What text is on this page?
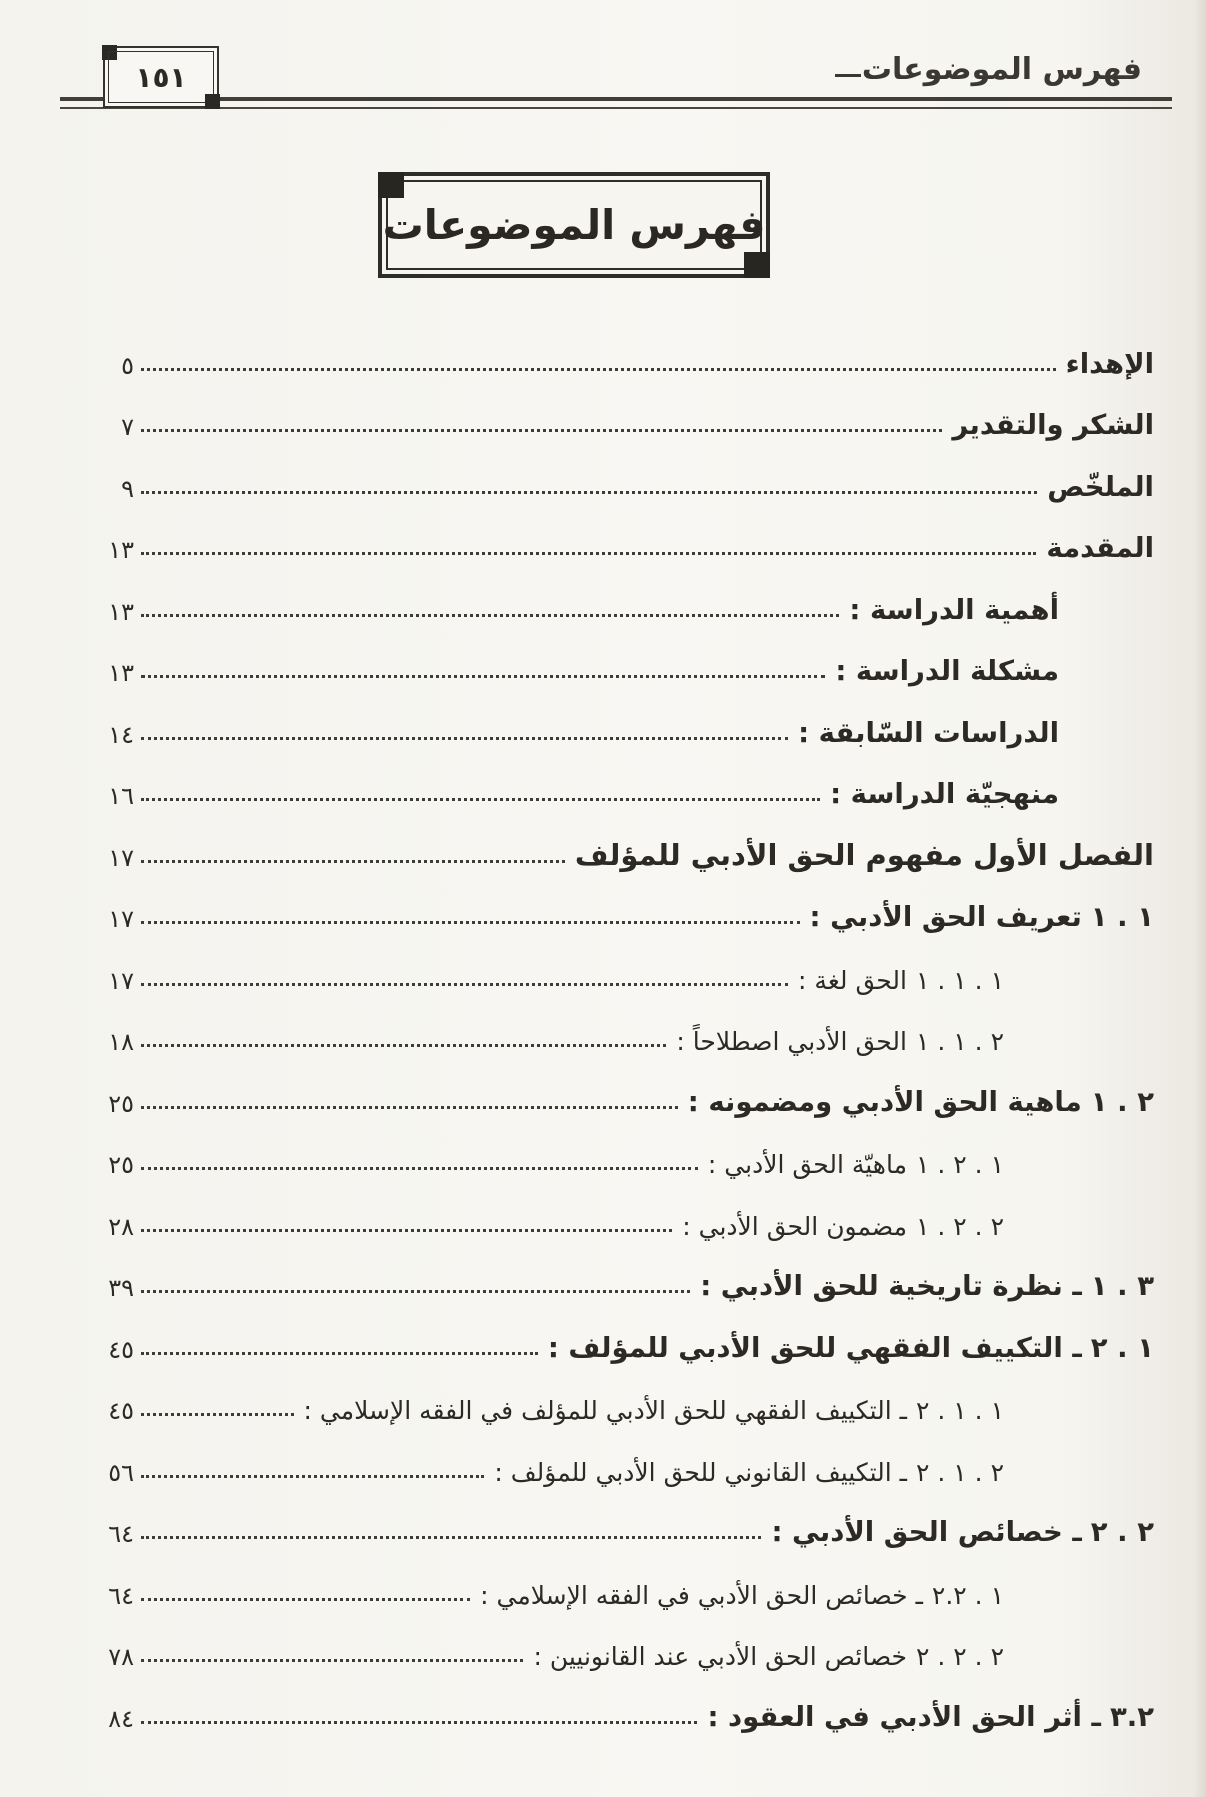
١٥١	فهرس الموضوعات
فهرس الموضوعات
الإهداء
٥
الشكر والتقدير
٧
الملخّص
٩
المقدمة
١٣
أهمية الدراسة :
١٣
مشكلة الدراسة :
١٣
الدراسات السّابقة :
١٤
منهجيّة الدراسة :
١٦
الفصل الأول مفهوم الحق الأدبي للمؤلف
١٧
١ . ١تعريف الحق الأدبي :
١٧
١ . ١ . ١الحق لغة :
١٧
٢ . ١ . ١الحق الأدبي اصطلاحاً :
١٨
٢ . ١ماهية الحق الأدبي ومضمونه :
٢٥
١ . ٢ . ١ماهيّة الحق الأدبي :
٢٥
٢ . ٢ . ١مضمون الحق الأدبي :
٢٨
٣ . ١ـ نظرة تاريخية للحق الأدبي :
٣٩
١ . ٢ـ التكييف الفقهي للحق الأدبي للمؤلف :
٤٥
١ . ١ . ٢ـ التكييف الفقهي للحق الأدبي للمؤلف في الفقه الإسلامي :
٤٥
٢ . ١ . ٢ـ التكييف القانوني للحق الأدبي للمؤلف :
٥٦
٢ . ٢ـ خصائص الحق الأدبي :
٦٤
١ . ٢.٢ـ خصائص الحق الأدبي في الفقه الإسلامي :
٦٤
٢ . ٢ . ٢خصائص الحق الأدبي عند القانونيين :
٧٨
٣.٢ـ أثر الحق الأدبي في العقود :
٨٤
